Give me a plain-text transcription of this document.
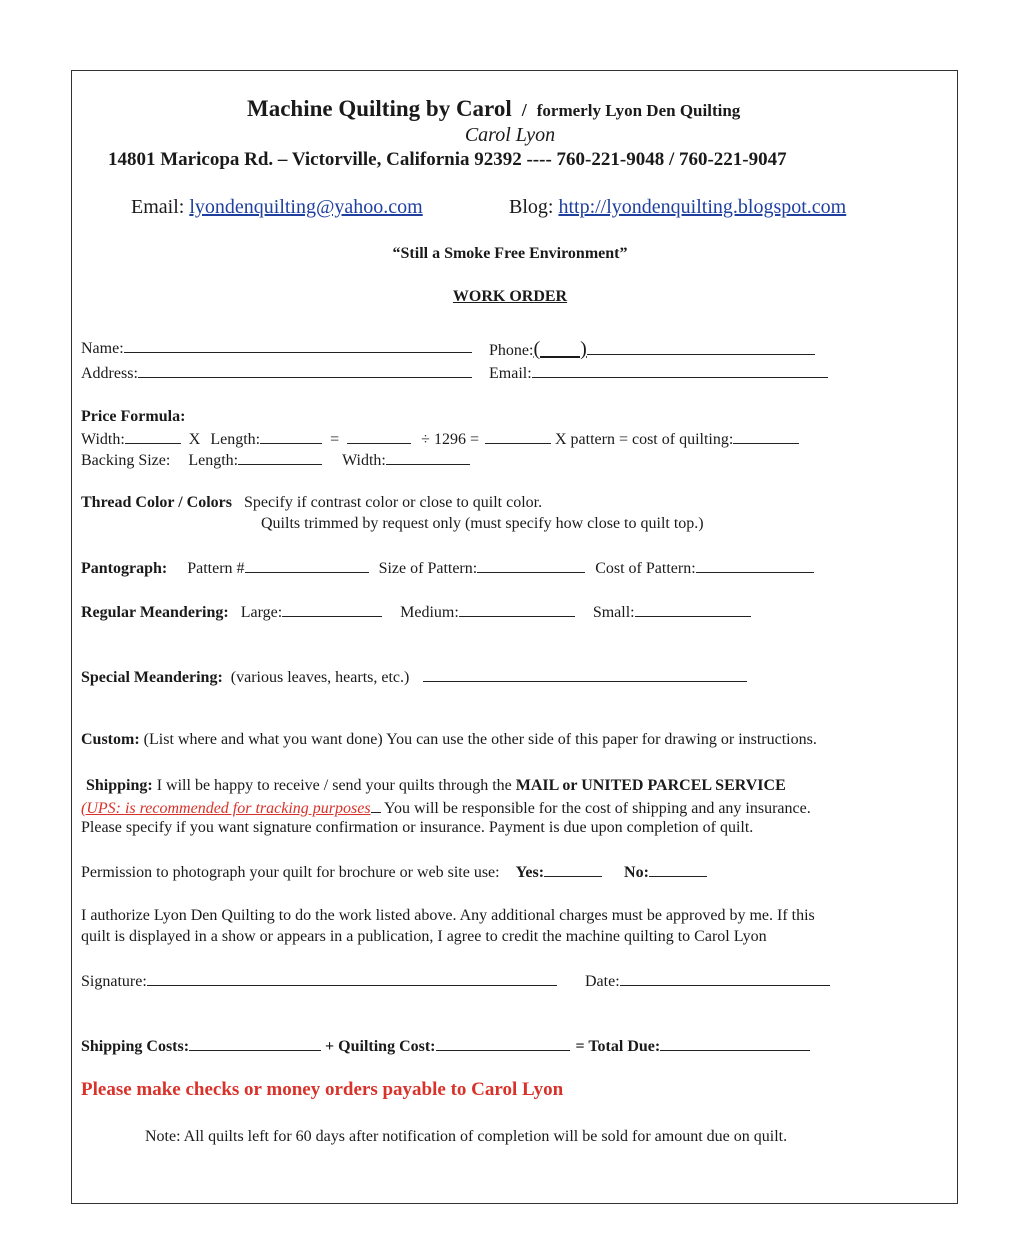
Machine Quilting by Carol / formerly Lyon Den Quilting
Carol Lyon
14801 Maricopa Rd. – Victorville, California 92392 ---- 760-221-9048 / 760-221-9047
Email: lyondenquilting@yahoo.com	Blog: http://lyondenquilting.blogspot.com
“Still a Smoke Free Environment”
WORK ORDER
Name:	Phone:(        )
Address:	Email:
Price Formula:
Width:	X Length:	=	÷ 1296 =	X pattern = cost of quilting:
Backing Size: Length:	Width:
Thread Color / Colors Specify if contrast color or close to quilt color.
Quilts trimmed by request only (must specify how close to quilt top.)
Pantograph: Pattern #	Size of Pattern:	Cost of Pattern:
Regular Meandering: Large:	Medium:	Small:
Special Meandering: (various leaves, hearts, etc.)
Custom: (List where and what you want done) You can use the other side of this paper for drawing or instructions.
Shipping: I will be happy to receive / send your quilts through the MAIL or UNITED PARCEL SERVICE
(UPS: is recommended for tracking purposes You will be responsible for the cost of shipping and any insurance.
Please specify if you want signature confirmation or insurance. Payment is due upon completion of quilt.
Permission to photograph your quilt for brochure or web site use: Yes:	No:
I authorize Lyon Den Quilting to do the work listed above. Any additional charges must be approved by me. If this
quilt is displayed in a show or appears in a publication, I agree to credit the machine quilting to Carol Lyon
Signature:	Date:
Shipping Costs:	+ Quilting Cost:	= Total Due:
Please make checks or money orders payable to Carol Lyon
Note: All quilts left for 60 days after notification of completion will be sold for amount due on quilt.
